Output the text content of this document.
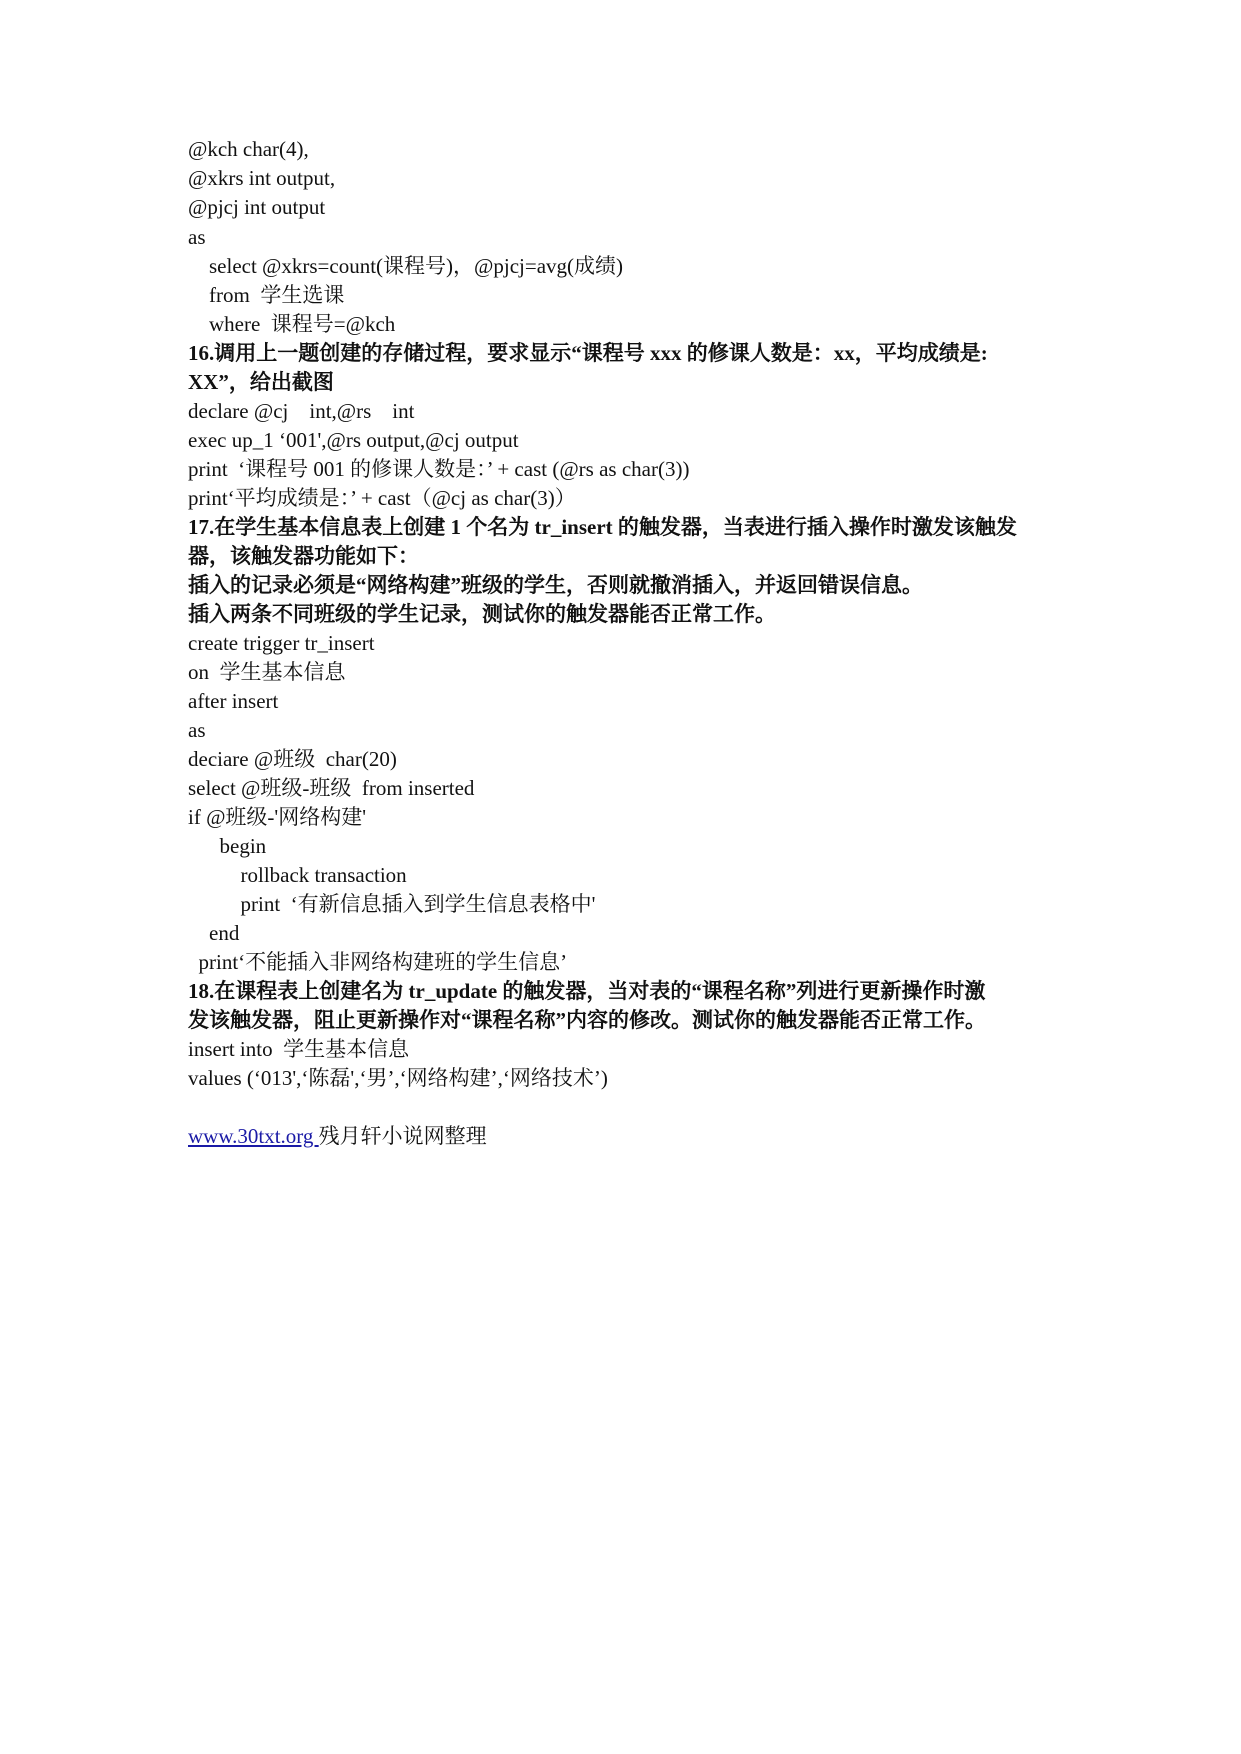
@kch char(4),
@xkrs int output,
@pjcj int output
as
select @xkrs=count(课程号)，@pjcj=avg(成绩)
from  学生选课
where  课程号=@kch
16.调用上一题创建的存储过程，要求显示“课程号 xxx 的修课人数是：xx，平均成绩是:
XX”，给出截图
declare @cj    int,@rs    int
exec up_1 ‘001',@rs output,@cj output
print  ‘课程号 001 的修课人数是：’ + cast (@rs as char(3))
print‘平均成绩是：’ + cast（@cj as char(3)）
17.在学生基本信息表上创建 1 个名为 tr_insert 的触发器，当表进行插入操作时激发该触发
器，该触发器功能如下：
插入的记录必须是“网络构建”班级的学生，否则就撤消插入，并返回错误信息。
插入两条不同班级的学生记录，测试你的触发器能否正常工作。
create trigger tr_insert
on  学生基本信息
after insert
as
deciare @班级  char(20)
select @班级-班级  from inserted
if @班级-'网络构建'
begin
rollback transaction
print  ‘有新信息插入到学生信息表格中'
end
print‘不能插入非网络构建班的学生信息’
18.在课程表上创建名为 tr_update 的触发器，当对表的“课程名称”列进行更新操作时激
发该触发器，阻止更新操作对“课程名称”内容的修改。测试你的触发器能否正常工作。
insert into  学生基本信息
values (‘013',‘陈磊',‘男’,‘网络构建’,‘网络技术’)
www.30txt.org 残月轩小说网整理
